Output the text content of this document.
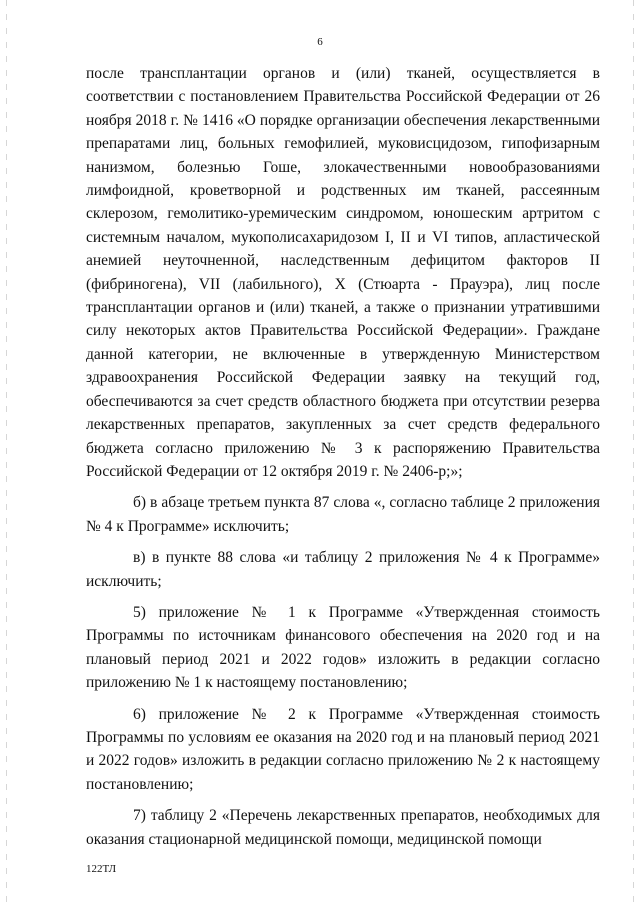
6

после трансплантации органов и (или) тканей, осуществляется в соответствии с постановлением Правительства Российской Федерации от 26 ноября 2018 г. № 1416 «О порядке организации обеспечения лекарственными препаратами лиц, больных гемофилией, муковисцидозом, гипофизарным нанизмом, болезнью Гоше, злокачественными новообразованиями лимфоидной, кроветворной и родственных им тканей, рассеянным склерозом, гемолитико-уремическим синдромом, юношеским артритом с системным началом, мукополисахаридозом I, II и VI типов, апластической анемией неуточненной, наследственным дефицитом факторов II (фибриногена), VII (лабильного), X (Стюарта - Прауэра), лиц после трансплантации органов и (или) тканей, а также о признании утратившими силу некоторых актов Правительства Российской Федерации». Граждане данной категории, не включенные в утвержденную Министерством здравоохранения Российской Федерации заявку на текущий год, обеспечиваются за счет средств областного бюджета при отсутствии резерва лекарственных препаратов, закупленных за счет средств федерального бюджета согласно приложению № 3 к распоряжению Правительства Российской Федерации от 12 октября 2019 г. № 2406-р;»;

б) в абзаце третьем пункта 87 слова «, согласно таблице 2 приложения № 4 к Программе» исключить;

в) в пункте 88 слова «и таблицу 2 приложения № 4 к Программе» исключить;

5) приложение № 1 к Программе «Утвержденная стоимость Программы по источникам финансового обеспечения на 2020 год и на плановый период 2021 и 2022 годов» изложить в редакции согласно приложению № 1 к настоящему постановлению;

6) приложение № 2 к Программе «Утвержденная стоимость Программы по условиям ее оказания на 2020 год и на плановый период 2021 и 2022 годов» изложить в редакции согласно приложению № 2 к настоящему постановлению;

7) таблицу 2 «Перечень лекарственных препаратов, необходимых для оказания стационарной медицинской помощи, медицинской помощи

122ТЛ
